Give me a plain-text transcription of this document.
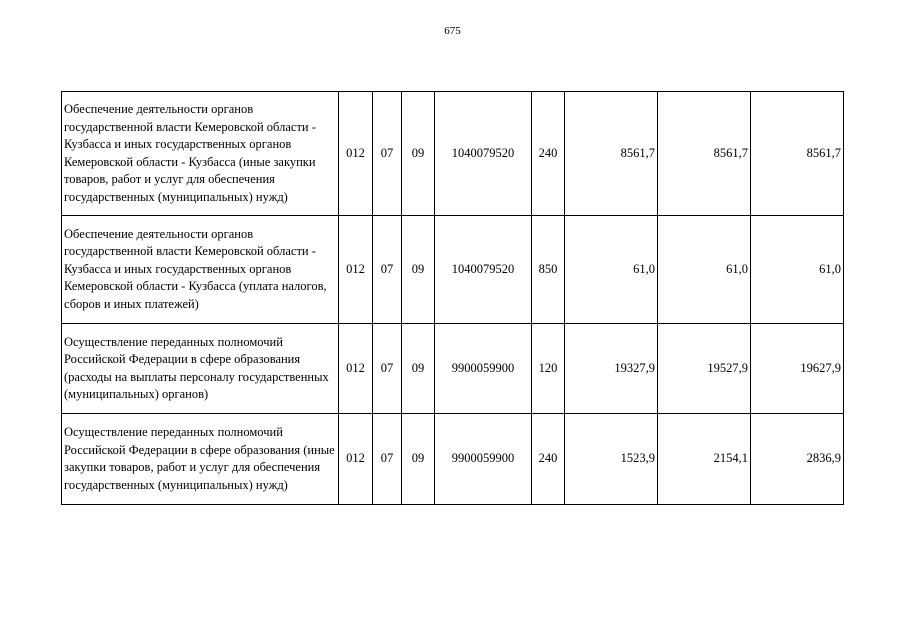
675
Обеспечение деятельности органов государственной власти Кемеровской области - Кузбасса и иных государственных органов Кемеровской области - Кузбасса (иные закупки товаров, работ и услуг для обеспечения государственных (муниципальных) нужд)	012	07	09	1040079520	240	8561,7	8561,7	8561,7
Обеспечение деятельности органов государственной власти Кемеровской области - Кузбасса и иных государственных органов Кемеровской области - Кузбасса (уплата налогов, сборов и иных платежей)	012	07	09	1040079520	850	61,0	61,0	61,0
Осуществление переданных полномочий Российской Федерации в сфере образования (расходы на выплаты персоналу государственных (муниципальных) органов)	012	07	09	9900059900	120	19327,9	19527,9	19627,9
Осуществление переданных полномочий Российской Федерации в сфере образования (иные закупки товаров, работ и услуг для обеспечения государственных (муниципальных) нужд)	012	07	09	9900059900	240	1523,9	2154,1	2836,9
